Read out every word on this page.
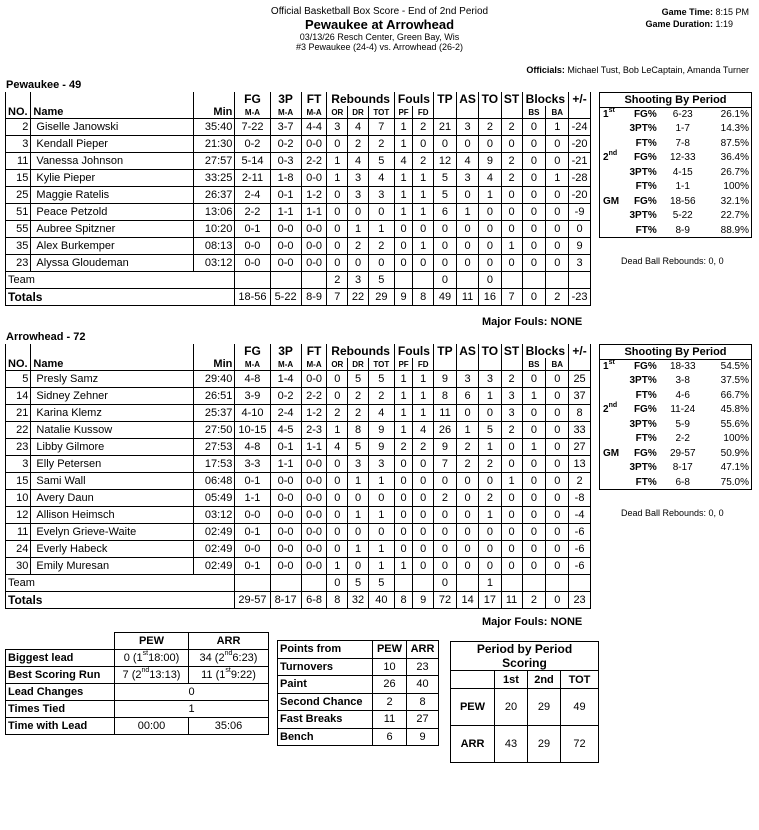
Official Basketball Box Score - End of 2nd Period
Pewaukee at Arrowhead
03/13/26 Resch Center, Green Bay, Wis
#3 Pewaukee (24-4) vs. Arrowhead (26-2)
Game Time: 8:15 PM
Game Duration: 1:19
Officials: Michael Tust, Bob LeCaptain, Amanda Turner
Pewaukee - 49
			FG	3P	FT	Rebounds			Fouls		TP	AS	TO	ST	Blocks		+/-
NO.	Name	Min	M-A	M-A	M-A	OR	DR	TOT	PF	FD					BS	BA	
2	Giselle Janowski	35:40	7-22	3-7	4-4	3	4	7	1	2	21	3	2	2	0	1	-24
3	Kendall Pieper	21:30	0-2	0-2	0-0	0	2	2	1	0	0	0	0	0	0	0	-20
11	Vanessa Johnson	27:57	5-14	0-3	2-2	1	4	5	4	2	12	4	9	2	0	0	-21
15	Kylie Pieper	33:25	2-11	1-8	0-0	1	3	4	1	1	5	3	4	2	0	1	-28
25	Maggie Ratelis	26:37	2-4	0-1	1-2	0	3	3	1	1	5	0	1	0	0	0	-20
51	Peace Petzold	13:06	2-2	1-1	1-1	0	0	0	1	1	6	1	0	0	0	0	-9
55	Aubree Spitzner	10:20	0-1	0-0	0-0	0	1	1	0	0	0	0	0	0	0	0	0
35	Alex Burkemper	08:13	0-0	0-0	0-0	0	2	2	0	1	0	0	0	1	0	0	9
23	Alyssa Gloudeman	03:12	0-0	0-0	0-0	0	0	0	0	0	0	0	0	0	0	0	3
Team						2	3	5			0		0				
Totals			18-56	5-22	8-9	7	22	29	9	8	49	11	16	7	0	2	-23
Shooting By Period			
1st	FG%	6-23	26.1%
	3PT%	1-7	14.3%
	FT%	7-8	87.5%
2nd	FG%	12-33	36.4%
	3PT%	4-15	26.7%
	FT%	1-1	100%
GM	FG%	18-56	32.1%
	3PT%	5-22	22.7%
	FT%	8-9	88.9%
Dead Ball Rebounds: 0, 0
Major Fouls: NONE
Arrowhead - 72
			FG	3P	FT	Rebounds			Fouls		TP	AS	TO	ST	Blocks		+/-
NO.	Name	Min	M-A	M-A	M-A	OR	DR	TOT	PF	FD					BS	BA	
5	Presly Samz	29:40	4-8	1-4	0-0	0	5	5	1	1	9	3	3	2	0	0	25
14	Sidney Zehner	26:51	3-9	0-2	2-2	0	2	2	1	1	8	6	1	3	1	0	37
21	Karina Klemz	25:37	4-10	2-4	1-2	2	2	4	1	1	11	0	0	3	0	0	8
22	Natalie Kussow	27:50	10-15	4-5	2-3	1	8	9	1	4	26	1	5	2	0	0	33
23	Libby Gilmore	27:53	4-8	0-1	1-1	4	5	9	2	2	9	2	1	0	1	0	27
3	Elly Petersen	17:53	3-3	1-1	0-0	0	3	3	0	0	7	2	2	0	0	0	13
15	Sami Wall	06:48	0-1	0-0	0-0	0	1	1	0	0	0	0	0	1	0	0	2
10	Avery Daun	05:49	1-1	0-0	0-0	0	0	0	0	0	2	0	2	0	0	0	-8
12	Allison Heimsch	03:12	0-0	0-0	0-0	0	1	1	0	0	0	0	1	0	0	0	-4
11	Evelyn Grieve-Waite	02:49	0-1	0-0	0-0	0	0	0	0	0	0	0	0	0	0	0	-6
24	Everly Habeck	02:49	0-0	0-0	0-0	0	1	1	0	0	0	0	0	0	0	0	-6
30	Emily Muresan	02:49	0-1	0-0	0-0	1	0	1	1	0	0	0	0	0	0	0	-6
Team						0	5	5			0		1				
Totals			29-57	8-17	6-8	8	32	40	8	9	72	14	17	11	2	0	23
Shooting By Period			
1st	FG%	18-33	54.5%
	3PT%	3-8	37.5%
	FT%	4-6	66.7%
2nd	FG%	11-24	45.8%
	3PT%	5-9	55.6%
	FT%	2-2	100%
GM	FG%	29-57	50.9%
	3PT%	8-17	47.1%
	FT%	6-8	75.0%
Dead Ball Rebounds: 0, 0
Major Fouls: NONE
	PEW	ARR
Biggest lead	0 (1st18:00)	34 (2nd6:23)
Best Scoring Run	7 (2nd13:13)	11 (1st9:22)
Lead Changes	0	
Times Tied	1	
Time with Lead	00:00	35:06
Points from	PEW	ARR
Turnovers	10	23
Paint	26	40
Second Chance	2	8
Fast Breaks	11	27
Bench	6	9
Period by Period Scoring			
	1st	2nd	TOT
PEW	20	29	49
ARR	43	29	72
